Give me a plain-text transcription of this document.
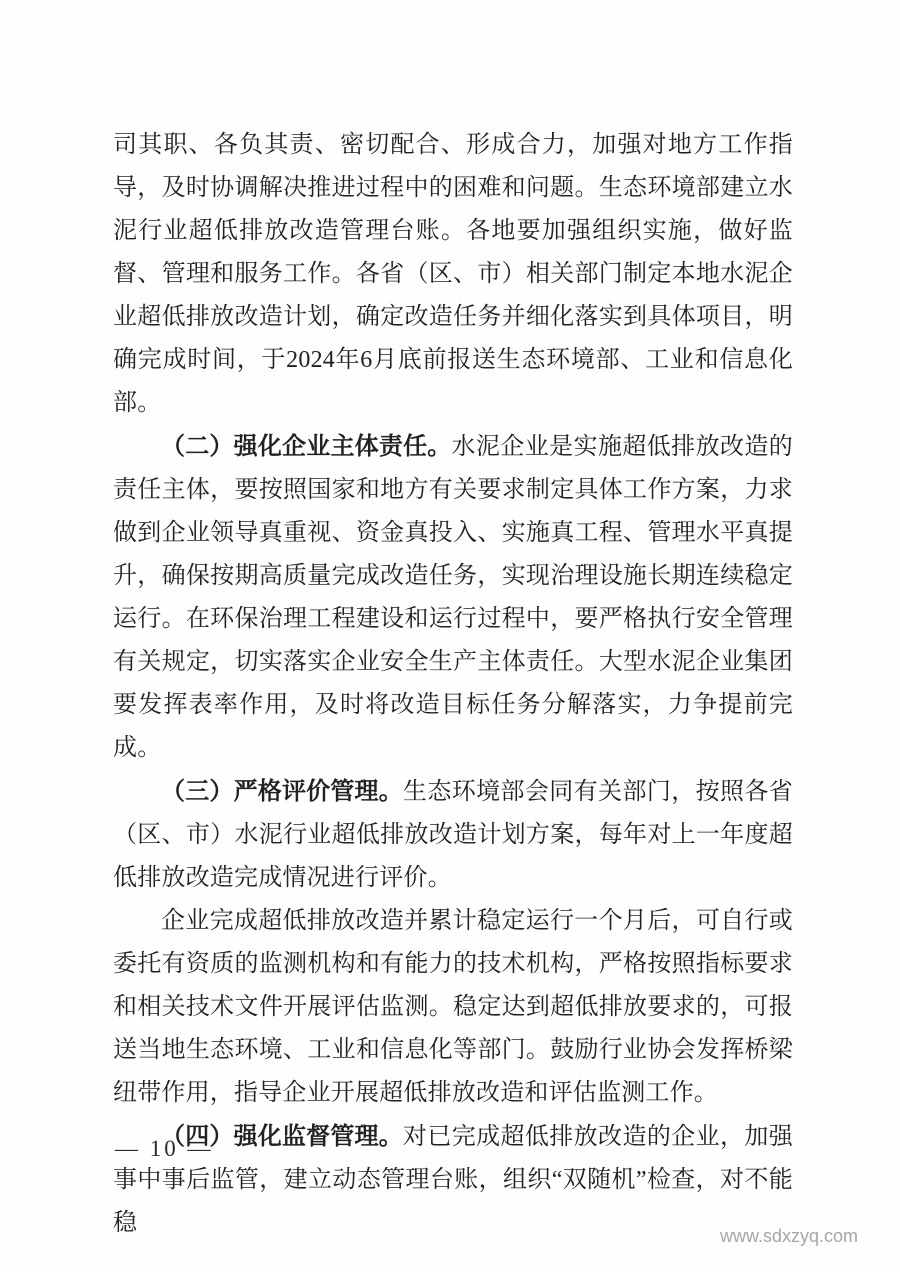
司其职、各负其责、密切配合、形成合力，加强对地方工作指导，及时协调解决推进过程中的困难和问题。生态环境部建立水泥行业超低排放改造管理台账。各地要加强组织实施，做好监督、管理和服务工作。各省（区、市）相关部门制定本地水泥企业超低排放改造计划，确定改造任务并细化落实到具体项目，明确完成时间，于2024年6月底前报送生态环境部、工业和信息化部。

（二）强化企业主体责任。水泥企业是实施超低排放改造的责任主体，要按照国家和地方有关要求制定具体工作方案，力求做到企业领导真重视、资金真投入、实施真工程、管理水平真提升，确保按期高质量完成改造任务，实现治理设施长期连续稳定运行。在环保治理工程建设和运行过程中，要严格执行安全管理有关规定，切实落实企业安全生产主体责任。大型水泥企业集团要发挥表率作用，及时将改造目标任务分解落实，力争提前完成。

（三）严格评价管理。生态环境部会同有关部门，按照各省（区、市）水泥行业超低排放改造计划方案，每年对上一年度超低排放改造完成情况进行评价。

企业完成超低排放改造并累计稳定运行一个月后，可自行或委托有资质的监测机构和有能力的技术机构，严格按照指标要求和相关技术文件开展评估监测。稳定达到超低排放要求的，可报送当地生态环境、工业和信息化等部门。鼓励行业协会发挥桥梁纽带作用，指导企业开展超低排放改造和评估监测工作。

（四）强化监督管理。对已完成超低排放改造的企业，加强事中事后监管，建立动态管理台账，组织“双随机”检查，对不能稳

— 10 —
www.sdxzyq.com
